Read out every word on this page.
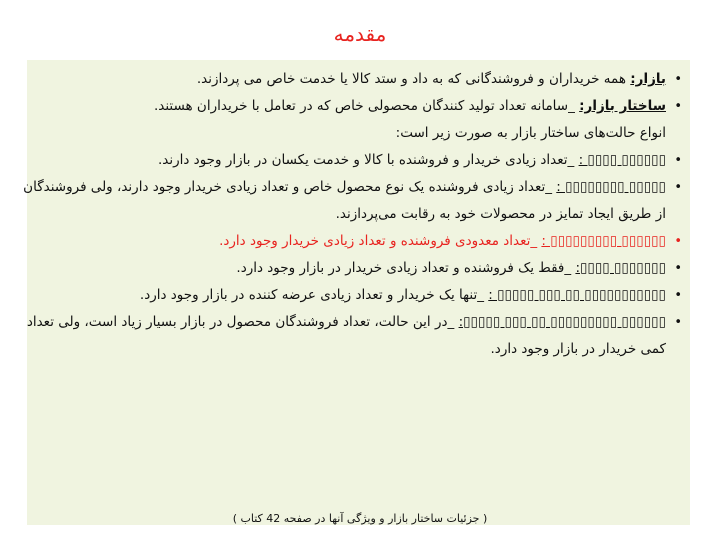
مقدمه
•
بازار: همه خریداران و فروشندگانی که به داد و ستد کالا یا خدمت خاص می پردازند.
•
ساختار بازار: _سامانه تعداد تولید کنندگان محصولی خاص که در تعامل با خریداران هستند.
انواع حالت‌های ساختار بازار به صورت زیر است:
•
▯▯▯▯▯▯ ▯▯▯▯ : _تعداد زیادی خریدار و فروشنده با کالا و خدمت یکسان در بازار وجود دارند.
•
▯▯▯▯▯ ▯▯▯▯▯▯▯▯ : _تعداد زیادی فروشنده یک نوع محصول خاص و تعداد زیادی خریدار وجود دارند، ولی فروشندگان از طریق ایجاد تمایز در محصولات خود به رقابت می‌پردازند.
•
▯▯▯▯▯▯ ▯▯▯▯▯▯▯▯▯ : _تعداد معدودی فروشنده و تعداد زیادی خریدار وجود دارد.
•
▯▯▯▯▯▯▯ ▯▯▯▯: _فقط یک فروشنده و تعداد زیادی خریدار در بازار وجود دارد.
•
▯▯▯▯▯▯▯▯▯▯▯ ▯▯ ▯▯▯ ▯▯▯▯▯ : _تنها یک خریدار و تعداد زیادی عرضه کننده در بازار وجود دارد.
•
▯▯▯▯▯▯ ▯▯▯▯▯▯▯▯▯ ▯▯ ▯▯▯ ▯▯▯▯▯: _در این حالت، تعداد فروشندگان محصول در بازار بسیار زیاد است، ولی تعداد کمی خریدار در بازار وجود دارد.
( جزئیات ساختار بازار و ویژگی آنها در صفحه 42 کتاب )
